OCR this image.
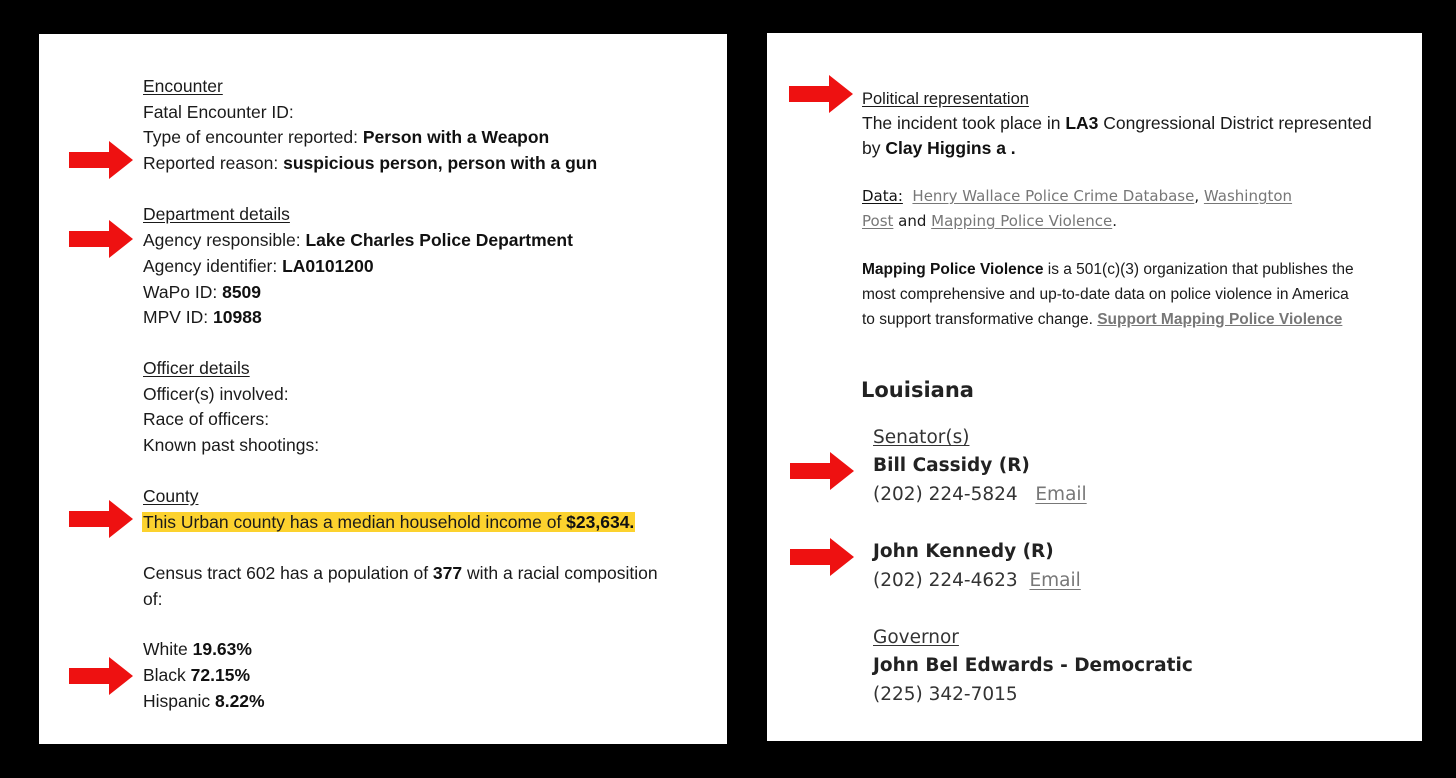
Encounter
Fatal Encounter ID:
Type of encounter reported: Person with a Weapon
Reported reason: suspicious person, person with a gun
Department details
Agency responsible: Lake Charles Police Department
Agency identifier: LA0101200
WaPo ID: 8509
MPV ID: 10988
Officer details
Officer(s) involved:
Race of officers:
Known past shootings:
County
This Urban county has a median household income of $23,634.
Census tract 602 has a population of 377 with a racial composition
of:
White 19.63%
Black 72.15%
Hispanic 8.22%
Political representation
The incident took place in LA3 Congressional District represented
by Clay Higgins a .
Data: Henry Wallace Police Crime Database, Washington
Post and Mapping Police Violence.
Mapping Police Violence is a 501(c)(3) organization that publishes the
most comprehensive and up-to-date data on police violence in America
to support transformative change. Support Mapping Police Violence
Louisiana
Senator(s)
Bill Cassidy (R)
(202) 224-5824 Email
John Kennedy (R)
(202) 224-4623 Email
Governor
John Bel Edwards - Democratic
(225) 342-7015
